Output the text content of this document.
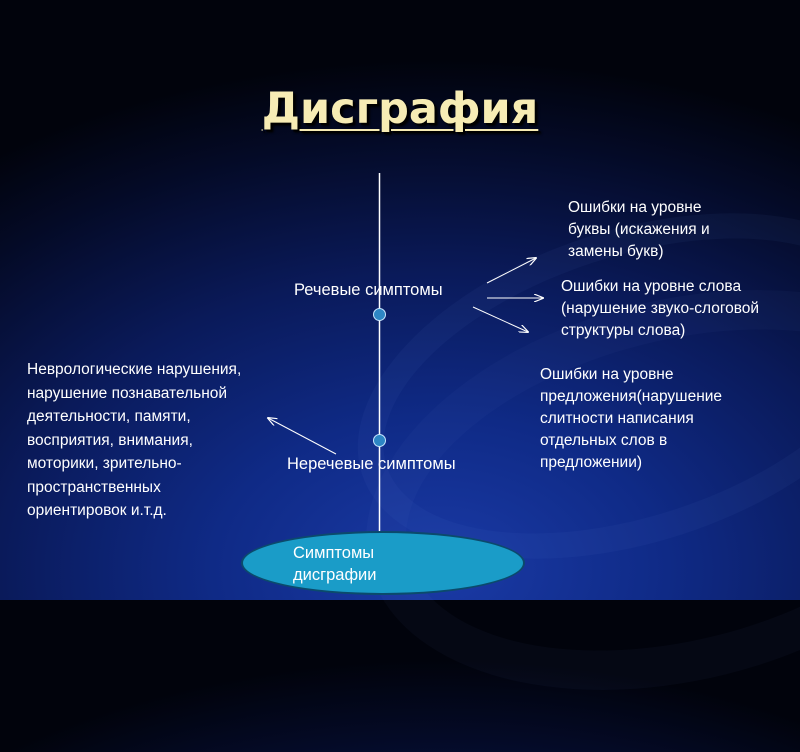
Дисграфия
Речевые симптомы
Неречевые симптомы
Ошибки на уровне
буквы (искажения и
замены букв)
Ошибки на уровне слова
(нарушение звуко-слоговой
структуры слова)
Ошибки на уровне
предложения(нарушение
слитности написания
отдельных слов в
предложении)
Неврологические нарушения,
нарушение познавательной
деятельности, памяти,
восприятия, внимания,
моторики, зрительно-
пространственных
ориентировок и.т.д.
Симптомы
дисграфии
